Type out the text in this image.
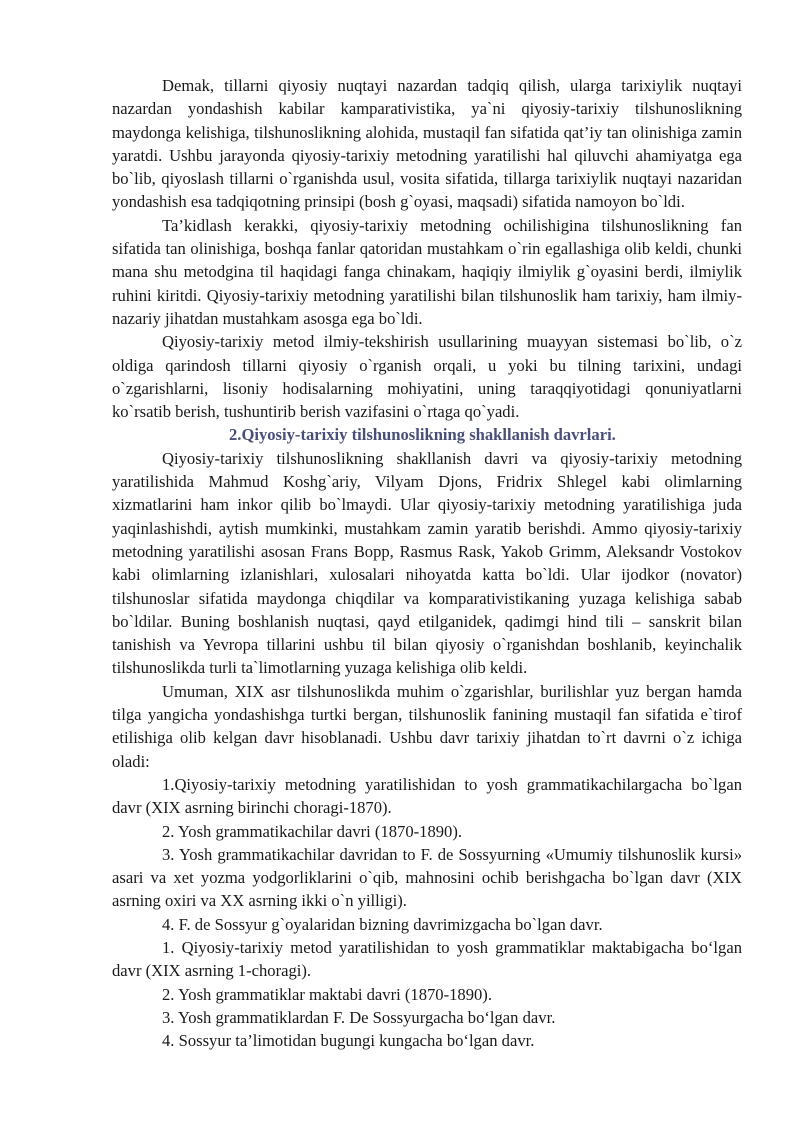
Demak, tillarni qiyosiy nuqtayi nazardan tadqiq qilish, ularga tarixiylik nuqtayi nazardan yondashish kabilar kamparativistika, ya`ni qiyosiy-tarixiy tilshunoslikning maydonga kelishiga, tilshunoslikning alohida, mustaqil fan sifatida qat’iy tan olinishiga zamin yaratdi. Ushbu jarayonda qiyosiy-tarixiy metodning yaratilishi hal qiluvchi ahamiyatga ega bo`lib, qiyoslash tillarni o`rganishda usul, vosita sifatida, tillarga tarixiylik nuqtayi nazaridan yondashish esa tadqiqotning prinsipi (bosh g`oyasi, maqsadi) sifatida namoyon bo`ldi.

Ta’kidlash kerakki, qiyosiy-tarixiy metodning ochilishigina tilshunoslikning fan sifatida tan olinishiga, boshqa fanlar qatoridan mustahkam o`rin egallashiga olib keldi, chunki mana shu metodgina til haqidagi fanga chinakam, haqiqiy ilmiylik g`oyasini berdi, ilmiylik ruhini kiritdi. Qiyosiy-tarixiy metodning yaratilishi bilan tilshunoslik ham tarixiy, ham ilmiy-nazariy jihatdan mustahkam asosga ega bo`ldi.

Qiyosiy-tarixiy metod ilmiy-tekshirish usullarining muayyan sistemasi bo`lib, o`z oldiga qarindosh tillarni qiyosiy o`rganish orqali, u yoki bu tilning tarixini, undagi o`zgarishlarni, lisoniy hodisalarning mohiyatini, uning taraqqiyotidagi qonuniyatlarni ko`rsatib berish, tushuntirib berish vazifasini o`rtaga qo`yadi.

2.Qiyosiy-tarixiy tilshunoslikning shakllanish davrlari.

Qiyosiy-tarixiy tilshunoslikning shakllanish davri va qiyosiy-tarixiy metodning yaratilishida Mahmud Koshg`ariy, Vilyam Djons, Fridrix Shlegel kabi olimlarning xizmatlarini ham inkor qilib bo`lmaydi. Ular qiyosiy-tarixiy metodning yaratilishiga juda yaqinlashishdi, aytish mumkinki, mustahkam zamin yaratib berishdi. Ammo qiyosiy-tarixiy metodning yaratilishi asosan Frans Bopp, Rasmus Rask, Yakob Grimm, Aleksandr Vostokov kabi olimlarning izlanishlari, xulosalari nihoyatda katta bo`ldi. Ular ijodkor (novator) tilshunoslar sifatida maydonga chiqdilar va komparativistikaning yuzaga kelishiga sabab bo`ldilar. Buning boshlanish nuqtasi, qayd etilganidek, qadimgi hind tili – sanskrit bilan tanishish va Yevropa tillarini ushbu til bilan qiyosiy o`rganishdan boshlanib, keyinchalik tilshunoslikda turli ta`limotlarning yuzaga kelishiga olib keldi.

Umuman, XIX asr tilshunoslikda muhim o`zgarishlar, burilishlar yuz bergan hamda tilga yangicha yondashishga turtki bergan, tilshunoslik fanining mustaqil fan sifatida e`tirof etilishiga olib kelgan davr hisoblanadi. Ushbu davr tarixiy jihatdan to`rt davrni o`z ichiga oladi:

1.Qiyosiy-tarixiy metodning yaratilishidan to yosh grammatikachilargacha bo`lgan davr (XIX asrning birinchi choragi-1870).

2. Yosh grammatikachilar davri (1870-1890).

3. Yosh grammatikachilar davridan to F. de Sossyurning «Umumiy tilshunoslik kursi» asari va xet yozma yodgorliklarini o`qib, mahnosini ochib berishgacha bo`lgan davr (XIX asrning oxiri va XX asrning ikki o`n yilligi).

4. F. de Sossyur g`oyalaridan bizning davrimizgacha bo`lgan davr.

1. Qiyosiy-tarixiy metod yaratilishidan to yosh grammatiklar maktabigacha bo‘lgan davr (XIX asrning 1-choragi).

2. Yosh grammatiklar maktabi davri (1870-1890).

3. Yosh grammatiklardan F. De Sossyurgacha bo‘lgan davr.

4. Sossyur ta’limotidan bugungi kungacha bo‘lgan davr.
